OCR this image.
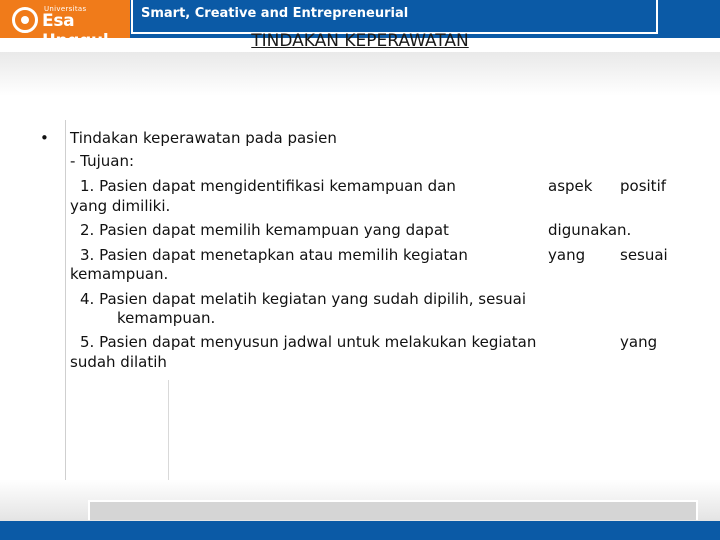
Universitas
Esa Unggul
Smart, Creative and Entrepreneurial
TINDAKAN KEPERAWATAN
• Tindakan keperawatan pada pasien
- Tujuan:
1. Pasien dapat mengidentifikasi kemampuan dan	aspek positif
yang dimiliki.
2. Pasien dapat memilih kemampuan yang dapat	digunakan.
3. Pasien dapat menetapkan atau memilih kegiatan	yang sesuai
kemampuan.
4. Pasien dapat melatih kegiatan yang sudah dipilih, sesuai
kemampuan.
5. Pasien dapat menyusun jadwal untuk melakukan kegiatan	yang
sudah dilatih
